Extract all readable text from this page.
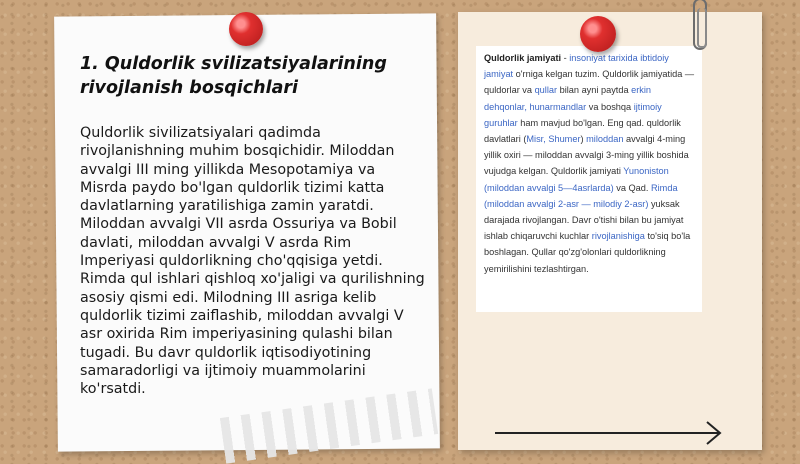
1. Quldorlik svilizatsiyalarining rivojlanish bosqichlari

Quldorlik sivilizatsiyalari qadimda rivojlanishning muhim bosqichidir. Miloddan avvalgi III ming yillikda Mesopotamiya va Misrda paydo bo'lgan quldorlik tizimi katta davlatlarning yaratilishiga zamin yaratdi. Miloddan avvalgi VII asrda Ossuriya va Bobil davlati, miloddan avvalgi V asrda Rim Imperiyasi quldorlikning cho'qqisiga yetdi. Rimda qul ishlari qishloq xo'jaligi va qurilishning asosiy qismi edi. Milodning III asriga kelib quldorlik tizimi zaiflashib, miloddan avvalgi V asr oxirida Rim imperiyasining qulashi bilan tugadi. Bu davr quldorlik iqtisodiyotining samaradorligi va ijtimoiy muammolarini ko'rsatdi.

Quldorlik jamiyati - insoniyat tarixida ibtidoiy jamiyat o'rniga kelgan tuzim. Quldorlik jamiyatida — quldorlar va qullar bilan ayni paytda erkin dehqonlar, hunarmandlar va boshqa ijtimoiy guruhlar ham mavjud bo'lgan. Eng qad. quldorlik davlatlari (Misr, Shumer) miloddan avvalgi 4-ming yillik oxiri — miloddan avvalgi 3-ming yillik boshida vujudga kelgan. Quldorlik jamiyati Yunoniston (miloddan avvalgi 5—4asrlarda) va Qad. Rimda (miloddan avvalgi 2-asr — milodiy 2-asr) yuksak darajada rivojlangan. Davr o'tishi bilan bu jamiyat ishlab chiqaruvchi kuchlar rivojlanishiga to'siq bo'la boshlagan. Qullar qo'zg'olonlari quldorlikning yemirilishini tezlashtirgan.
